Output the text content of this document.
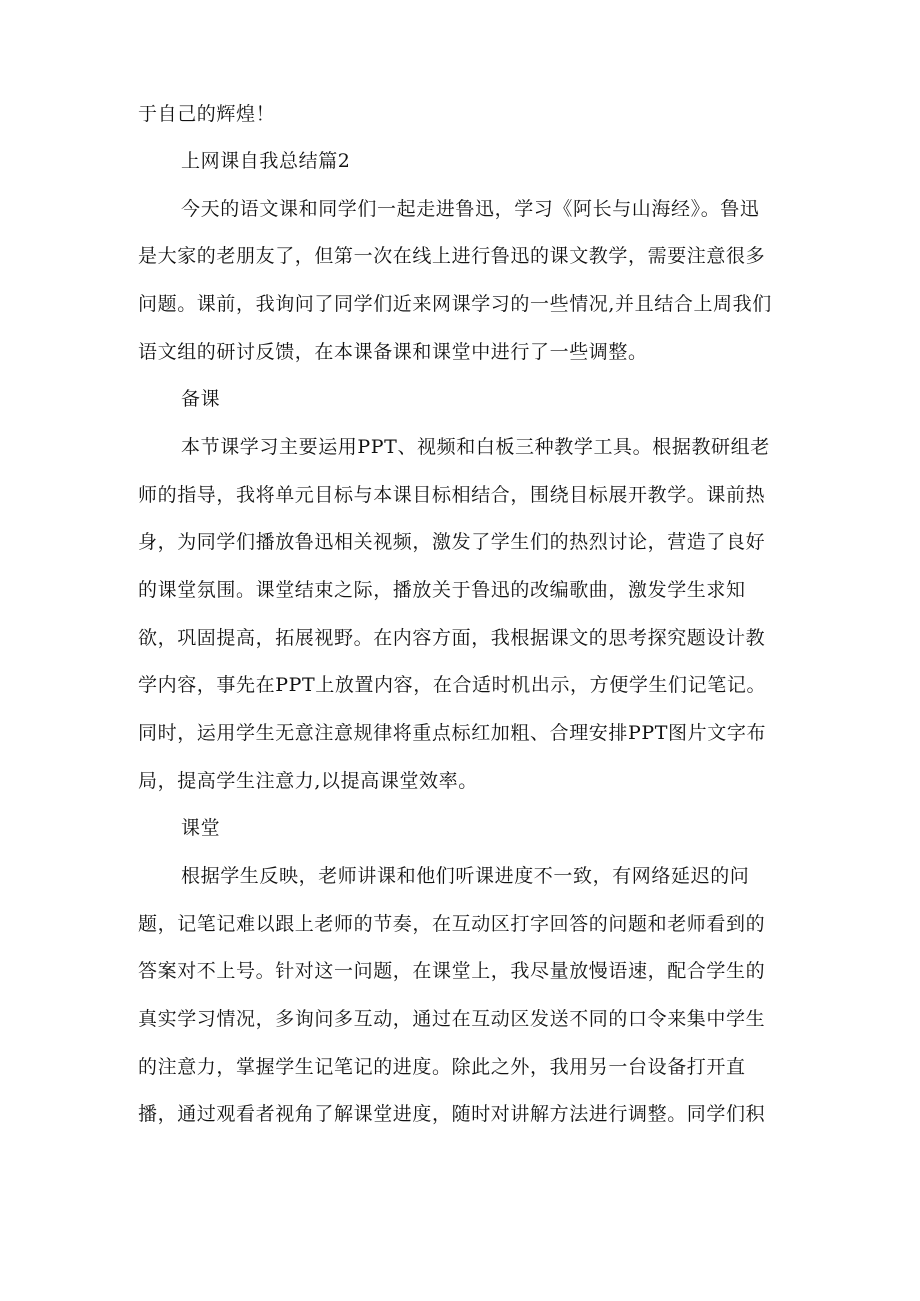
于自己的辉煌！
上网课自我总结篇2
今天的语文课和同学们一起走进鲁迅，学习《阿长与山海经》。鲁迅
是大家的老朋友了，但第一次在线上进行鲁迅的课文教学，需要注意很多
问题。课前，我询问了同学们近来网课学习的一些情况,并且结合上周我们
语文组的研讨反馈，在本课备课和课堂中进行了一些调整。
备课
本节课学习主要运用PPT、视频和白板三种教学工具。根据教研组老
师的指导，我将单元目标与本课目标相结合，围绕目标展开教学。课前热
身，为同学们播放鲁迅相关视频，激发了学生们的热烈讨论，营造了良好
的课堂氛围。课堂结束之际，播放关于鲁迅的改编歌曲，激发学生求知
欲，巩固提高，拓展视野。在内容方面，我根据课文的思考探究题设计教
学内容，事先在PPT上放置内容，在合适时机出示，方便学生们记笔记。
同时，运用学生无意注意规律将重点标红加粗、合理安排PPT图片文字布
局，提高学生注意力,以提高课堂效率。
课堂
根据学生反映，老师讲课和他们听课进度不一致，有网络延迟的问
题，记笔记难以跟上老师的节奏，在互动区打字回答的问题和老师看到的
答案对不上号。针对这一问题，在课堂上，我尽量放慢语速，配合学生的
真实学习情况，多询问多互动，通过在互动区发送不同的口令来集中学生
的注意力，掌握学生记笔记的进度。除此之外，我用另一台设备打开直
播，通过观看者视角了解课堂进度，随时对讲解方法进行调整。同学们积
